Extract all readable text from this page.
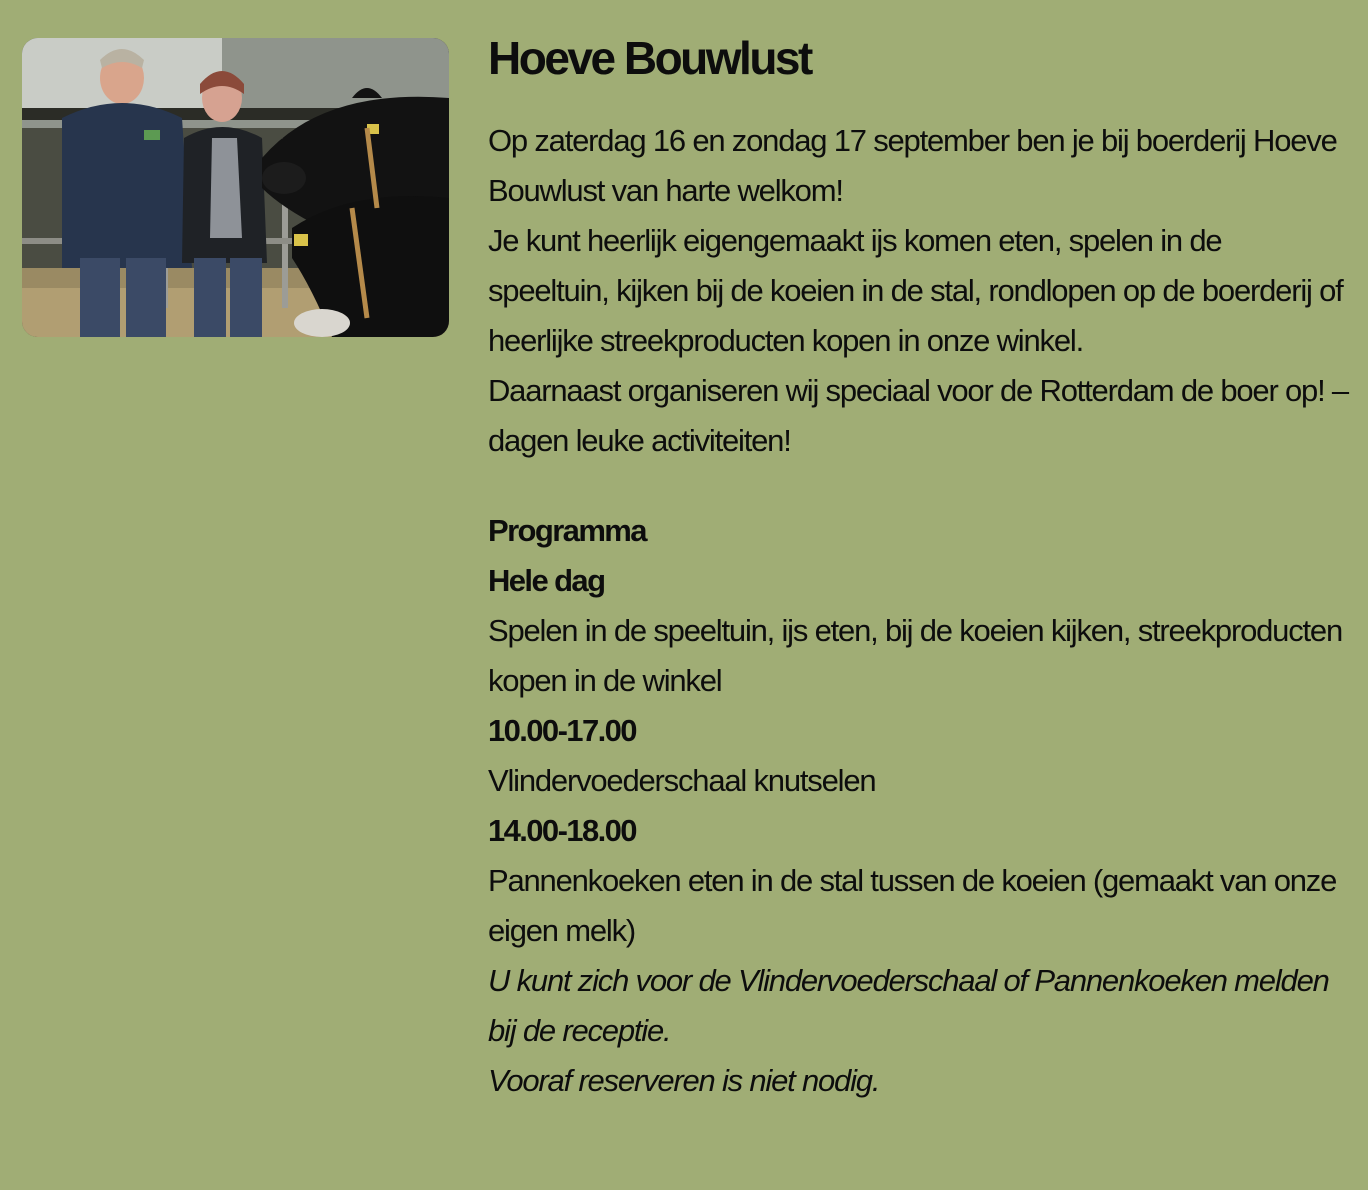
Hoeve Bouwlust
Op zaterdag 16 en zondag 17 september ben je bij boerderij Hoeve Bouwlust van harte welkom!
Je kunt heerlijk eigengemaakt ijs komen eten, spelen in de speeltuin, kijken bij de koeien in de stal, rondlopen op de boerderij of heerlijke streekproducten kopen in onze winkel.
Daarnaast organiseren wij speciaal voor de Rotterdam de boer op! – dagen leuke activiteiten!
Programma
Hele dag
Spelen in de speeltuin, ijs eten, bij de koeien kijken, streekproducten kopen in de winkel
10.00-17.00
Vlindervoederschaal knutselen
14.00-18.00
Pannenkoeken eten in de stal tussen de koeien (gemaakt van onze eigen melk)
U kunt zich voor de Vlindervoederschaal of Pannenkoeken melden bij de receptie.
Vooraf reserveren is niet nodig.
